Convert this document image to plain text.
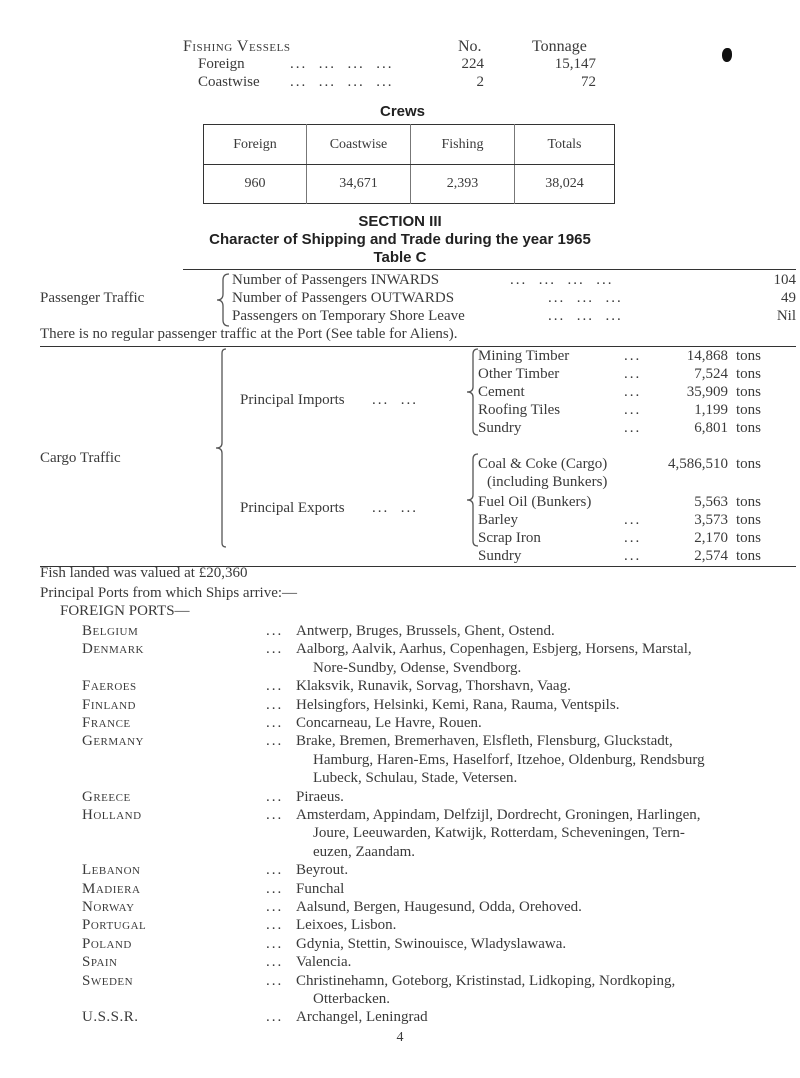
Fishing Vessels	No.	Tonnage
Foreign	...  ...  ...  ...	224	15,147
Coastwise ...  ...  ...  ...	2	72
Crews
Foreign	Coastwise	Fishing	Totals
960	34,671	2,393	38,024
SECTION III
Character of Shipping and Trade during the year 1965
Table C
Passenger Traffic
Number of Passengers INWARDS	...  ...  ...  ...	104
Number of Passengers OUTWARDS	...  ...  ...	49
Passengers on Temporary Shore Leave	...  ...  ...	Nil
There is no regular passenger traffic at the Port (See table for Aliens).
Cargo Traffic
Principal Imports ...  ...
Mining Timber	...	14,868 tons
Other Timber	...	7,524 tons
Cement	...	35,909 tons
Roofing Tiles	...	1,199 tons
Sundry	...	6,801 tons
Principal Exports ...  ...
Coal & Coke (Cargo)	4,586,510 tons
(including Bunkers)
Fuel Oil (Bunkers)	5,563 tons
Barley	...	3,573 tons
Scrap Iron	...	2,170 tons
Sundry	...	2,574 tons
Fish landed was valued at £20,360
Principal Ports from which Ships arrive:—
FOREIGN PORTS—
Belgium	... Antwerp, Bruges, Brussels, Ghent, Ostend.
Denmark	... Aalborg, Aalvik, Aarhus, Copenhagen, Esbjerg, Horsens, Marstal,
Nore-Sundby, Odense, Svendborg.
Faeroes	... Klaksvik, Runavik, Sorvag, Thorshavn, Vaag.
Finland	... Helsingfors, Helsinki, Kemi, Rana, Rauma, Ventspils.
France	... Concarneau, Le Havre, Rouen.
Germany	... Brake, Bremen, Bremerhaven, Elsfleth, Flensburg, Gluckstadt,
Hamburg, Haren-Ems, Haselforf, Itzehoe, Oldenburg, Rendsburg
Lubeck, Schulau, Stade, Vetersen.
Greece	... Piraeus.
Holland	... Amsterdam, Appindam, Delfzijl, Dordrecht, Groningen, Harlingen,
Joure, Leeuwarden, Katwijk, Rotterdam, Scheveningen, Tern-
euzen, Zaandam.
Lebanon	... Beyrout.
Madiera	... Funchal
Norway	... Aalsund, Bergen, Haugesund, Odda, Orehoved.
Portugal	... Leixoes, Lisbon.
Poland	... Gdynia, Stettin, Swinouisce, Wladyslawawa.
Spain	... Valencia.
Sweden	... Christinehamn, Goteborg, Kristinstad, Lidkoping, Nordkoping,
Otterbacken.
U.S.S.R.	... Archangel, Leningrad
4
